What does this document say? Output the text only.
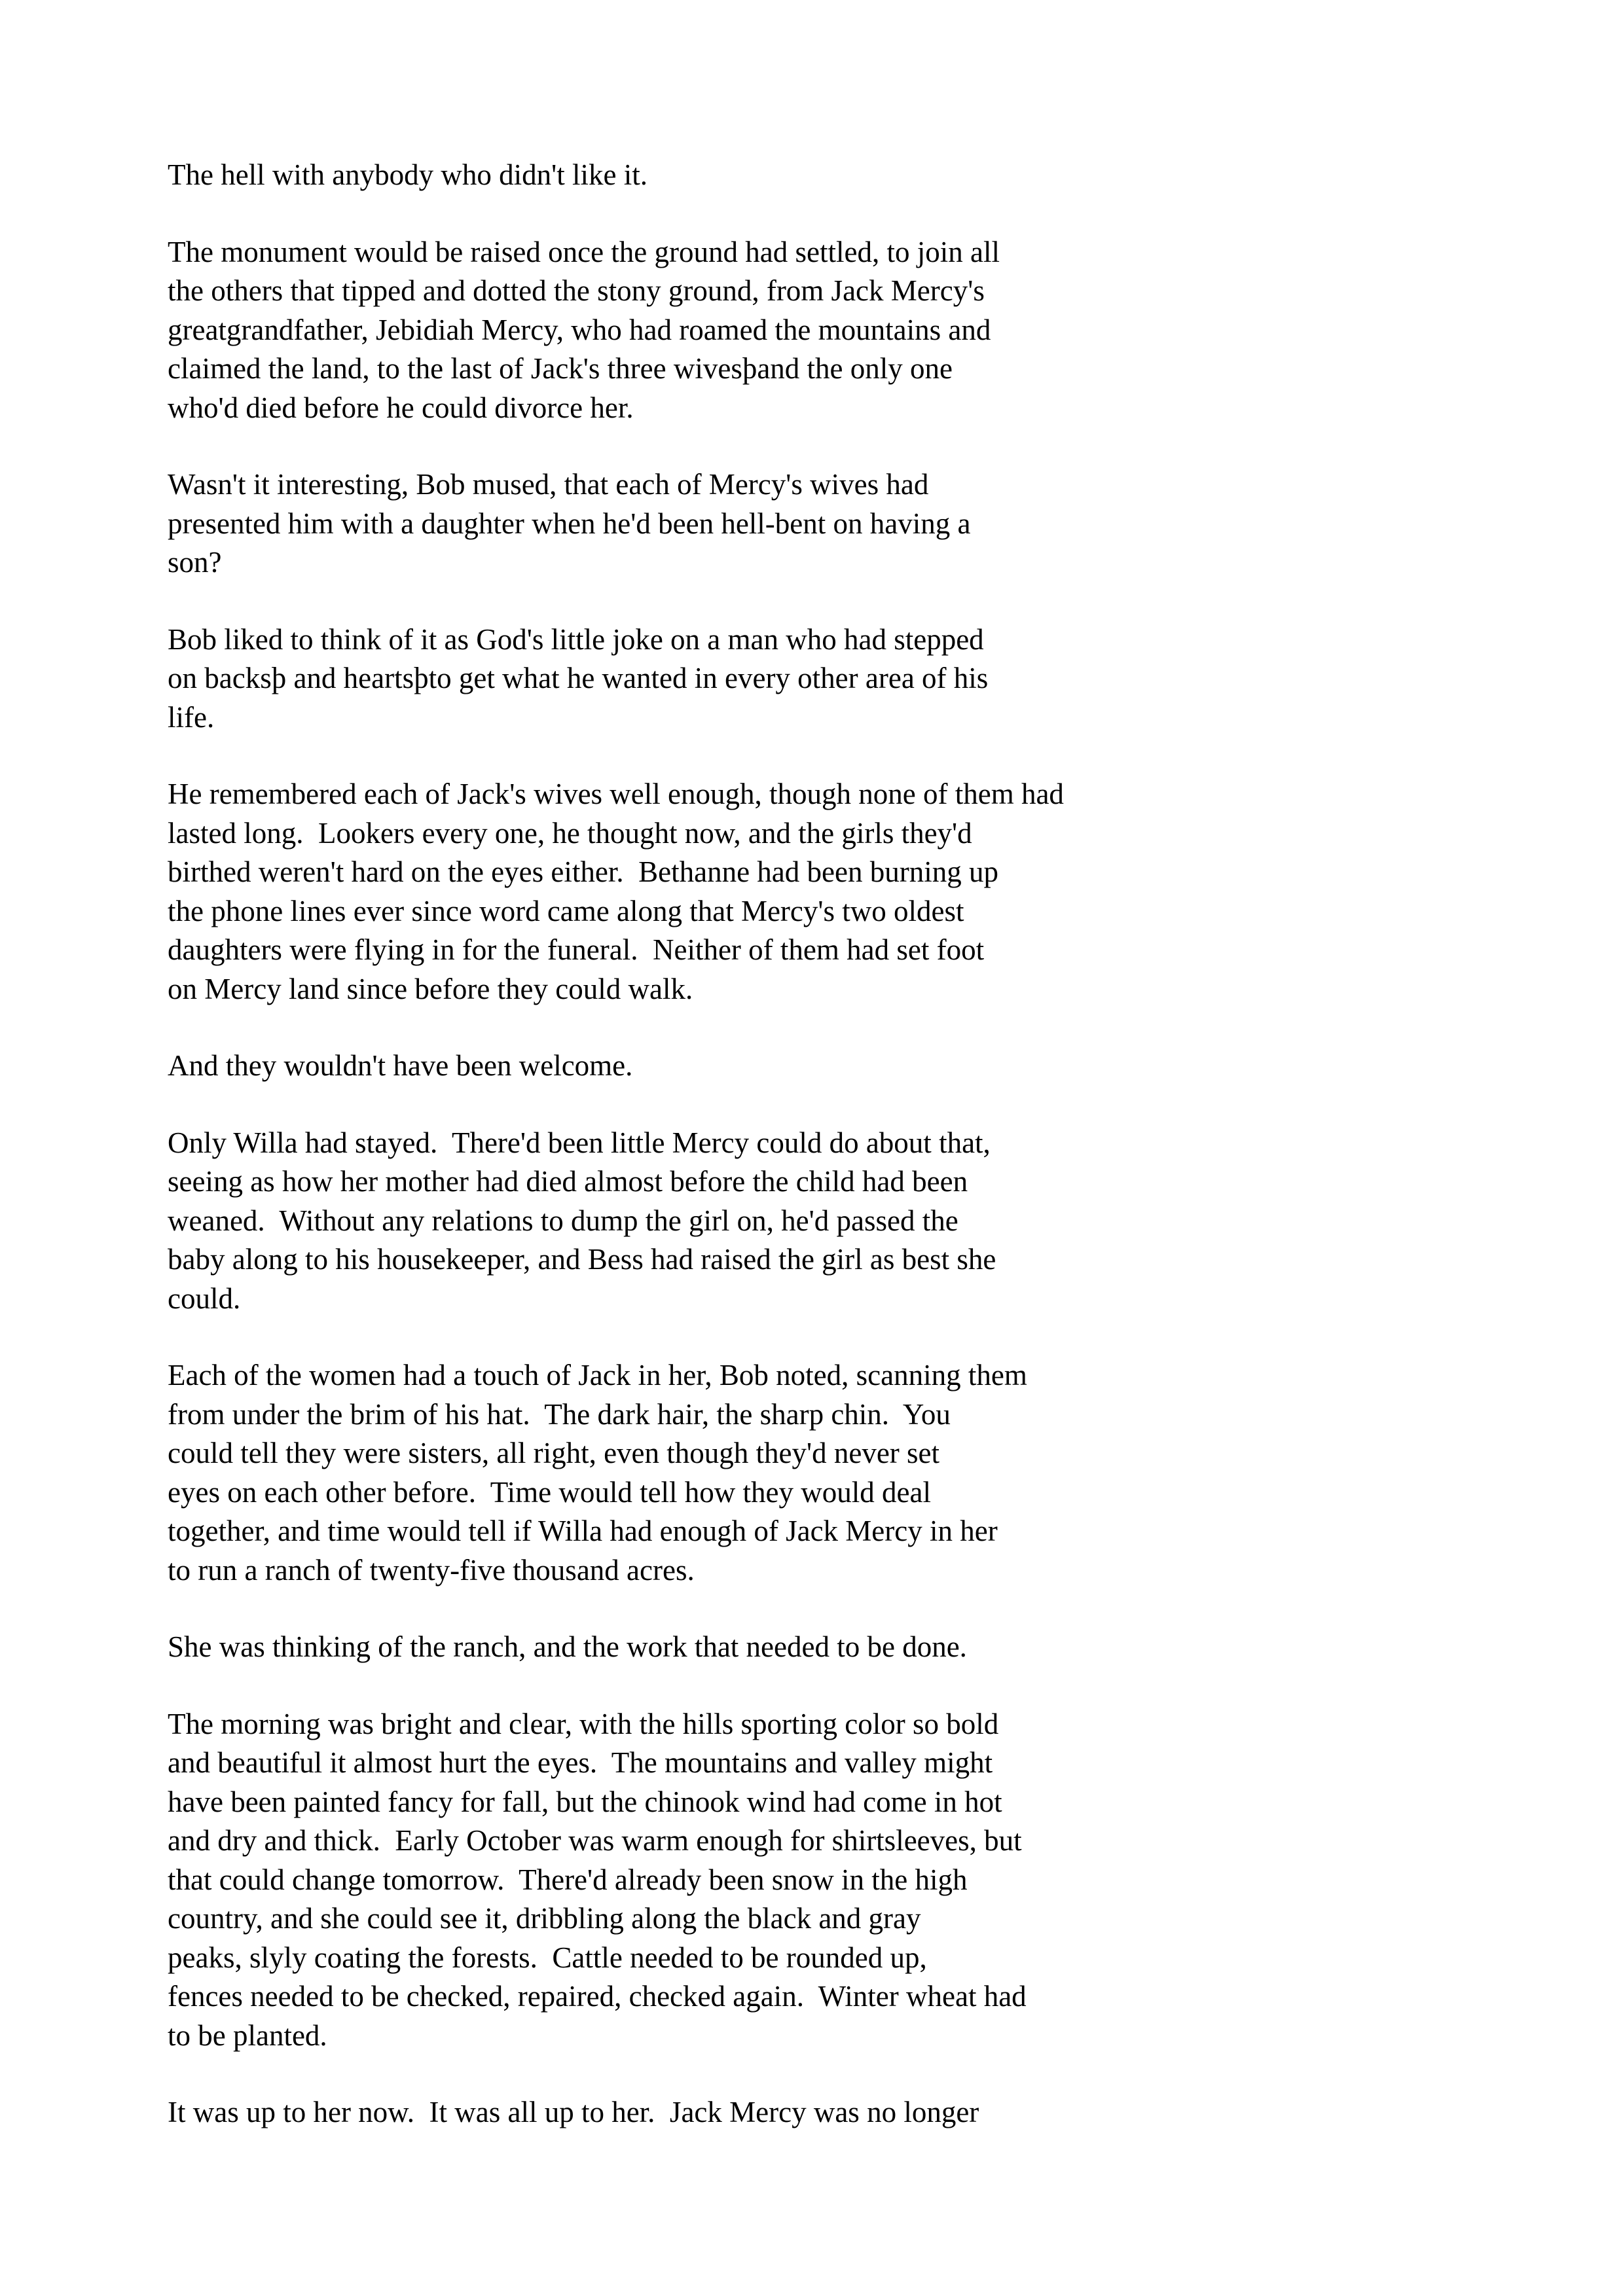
The hell with anybody who didn't like it.

The monument would be raised once the ground had settled, to join all
the others that tipped and dotted the stony ground, from Jack Mercy's
greatgrandfather, Jebidiah Mercy, who had roamed the mountains and
claimed the land, to the last of Jack's three wivesþand the only one
who'd died before he could divorce her.

Wasn't it interesting, Bob mused, that each of Mercy's wives had
presented him with a daughter when he'd been hell-bent on having a
son?

Bob liked to think of it as God's little joke on a man who had stepped
on backsþ and heartsþto get what he wanted in every other area of his
life.

He remembered each of Jack's wives well enough, though none of them had
lasted long.  Lookers every one, he thought now, and the girls they'd
birthed weren't hard on the eyes either.  Bethanne had been burning up
the phone lines ever since word came along that Mercy's two oldest
daughters were flying in for the funeral.  Neither of them had set foot
on Mercy land since before they could walk.

And they wouldn't have been welcome.

Only Willa had stayed.  There'd been little Mercy could do about that,
seeing as how her mother had died almost before the child had been
weaned.  Without any relations to dump the girl on, he'd passed the
baby along to his housekeeper, and Bess had raised the girl as best she
could.

Each of the women had a touch of Jack in her, Bob noted, scanning them
from under the brim of his hat.  The dark hair, the sharp chin.  You
could tell they were sisters, all right, even though they'd never set
eyes on each other before.  Time would tell how they would deal
together, and time would tell if Willa had enough of Jack Mercy in her
to run a ranch of twenty-five thousand acres.

She was thinking of the ranch, and the work that needed to be done.

The morning was bright and clear, with the hills sporting color so bold
and beautiful it almost hurt the eyes.  The mountains and valley might
have been painted fancy for fall, but the chinook wind had come in hot
and dry and thick.  Early October was warm enough for shirtsleeves, but
that could change tomorrow.  There'd already been snow in the high
country, and she could see it, dribbling along the black and gray
peaks, slyly coating the forests.  Cattle needed to be rounded up,
fences needed to be checked, repaired, checked again.  Winter wheat had
to be planted.

It was up to her now.  It was all up to her.  Jack Mercy was no longer
